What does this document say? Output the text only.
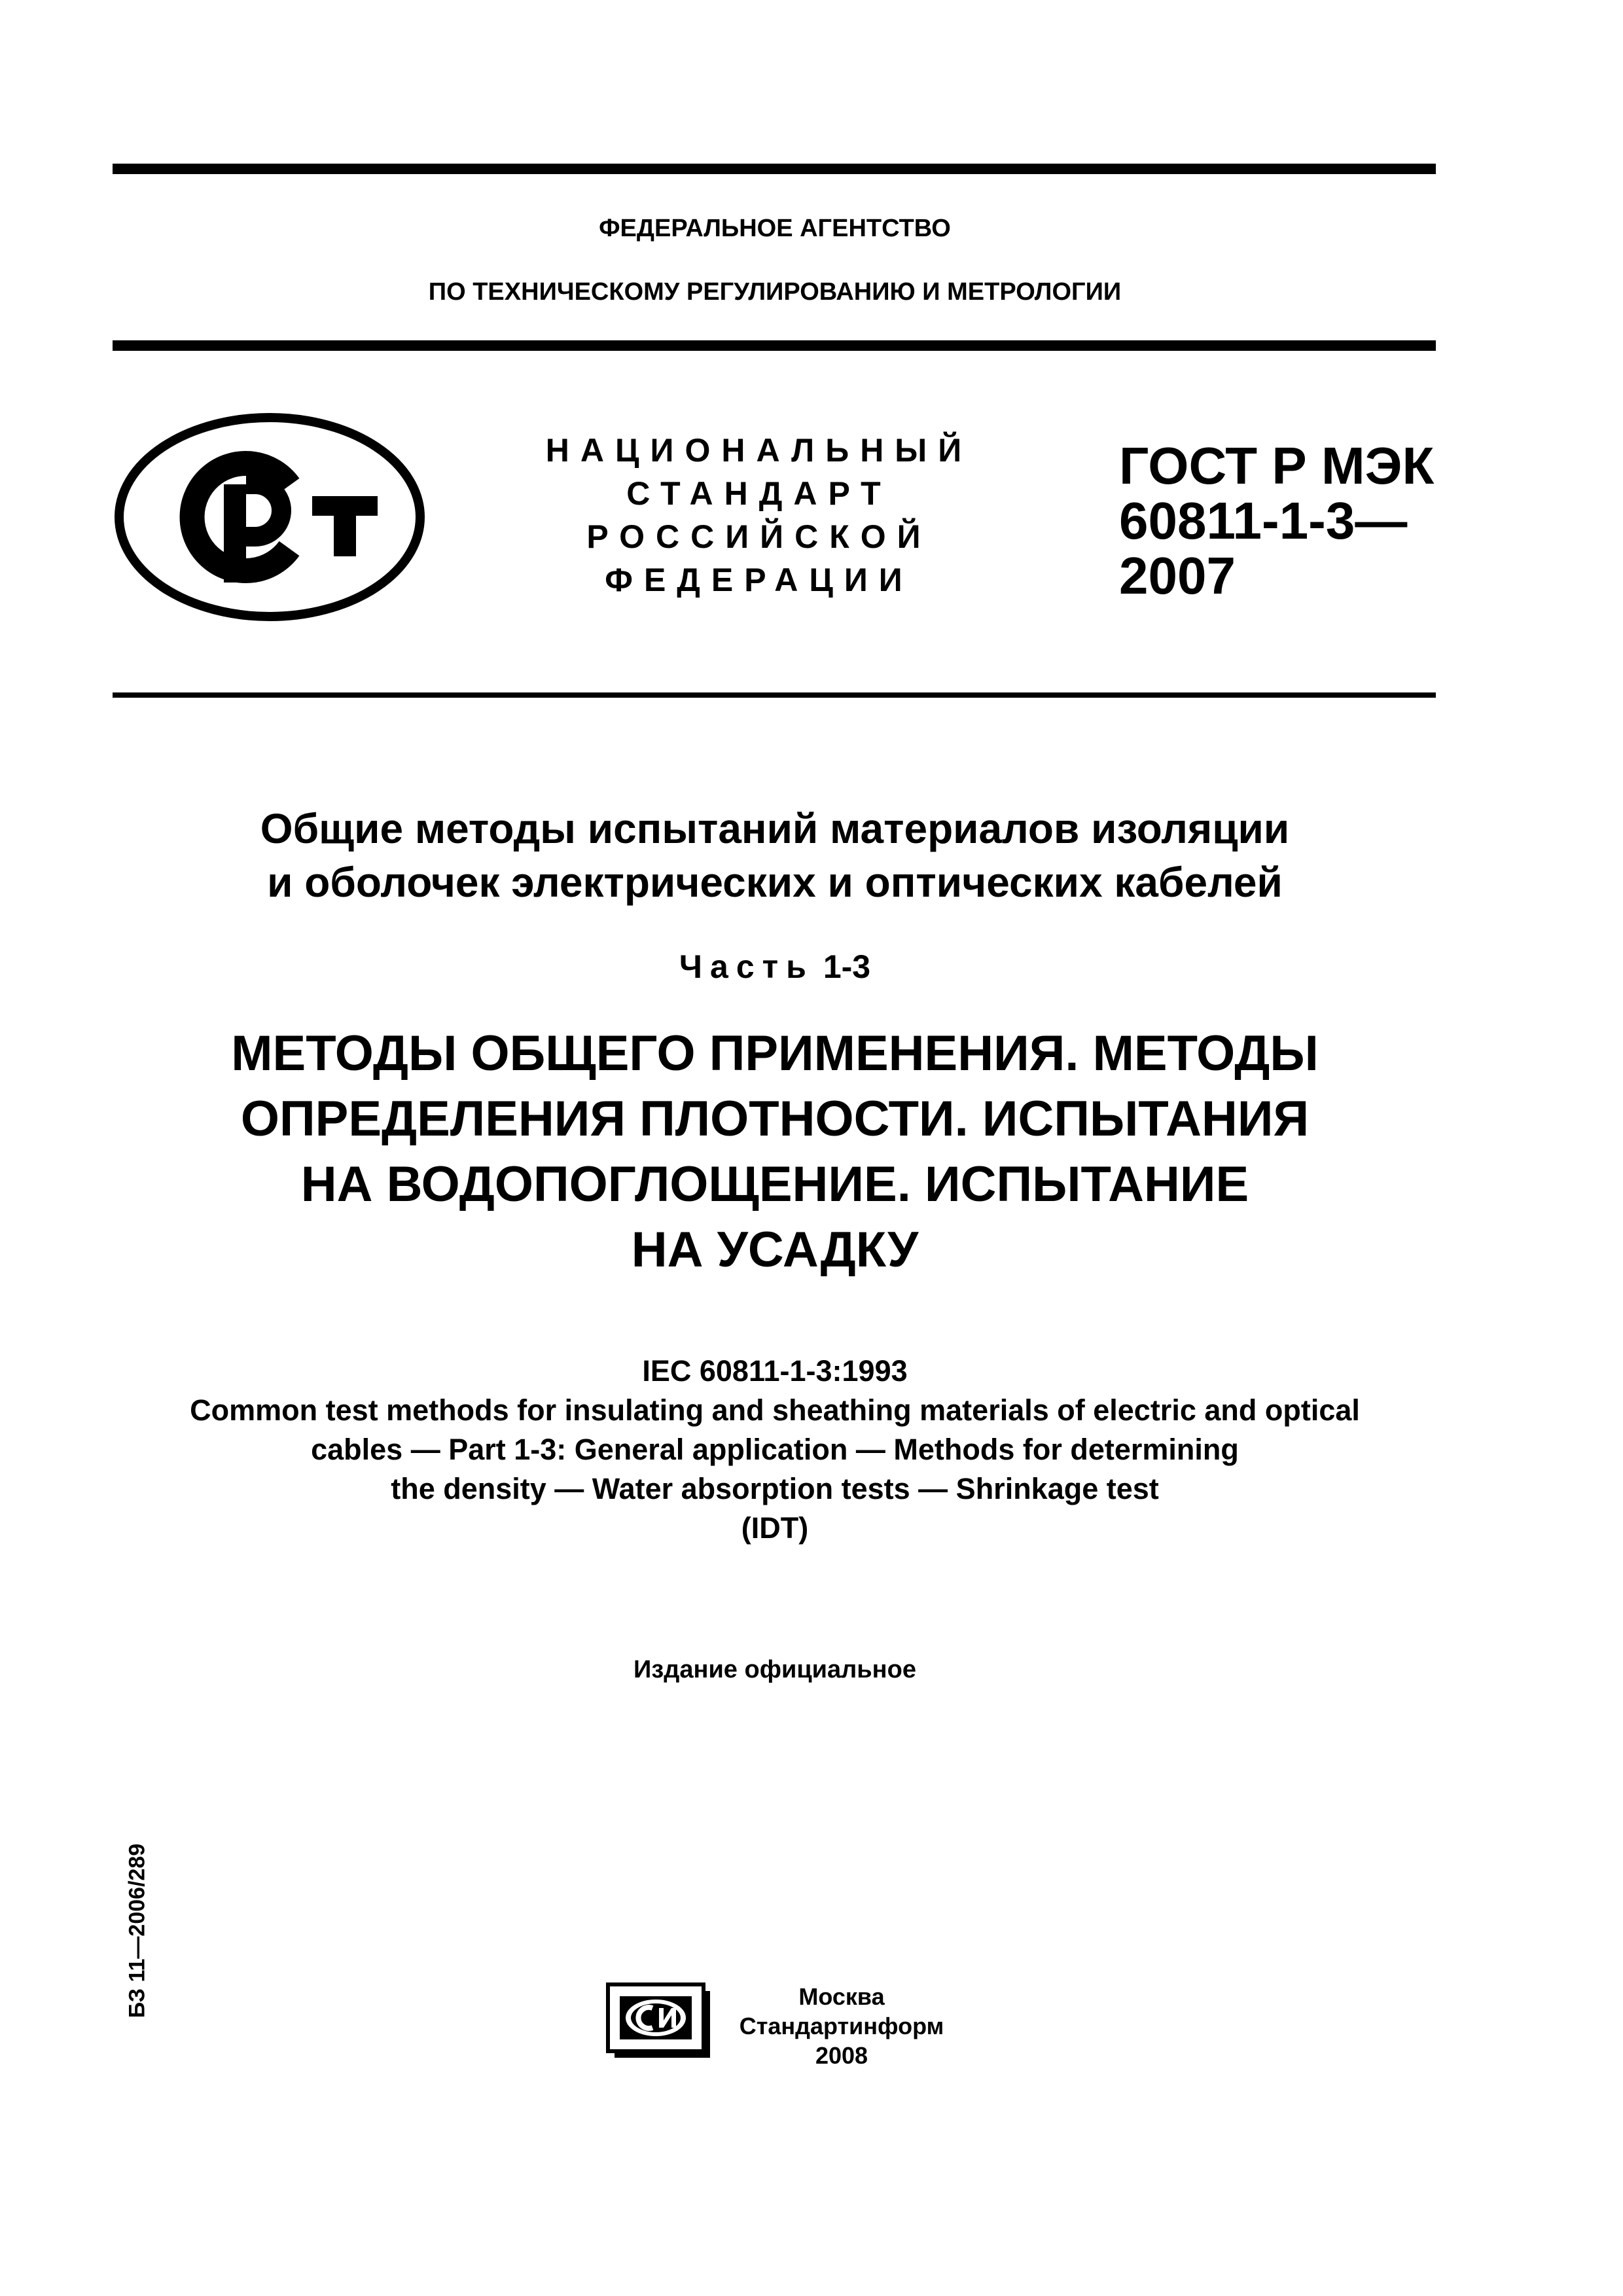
ФЕДЕРАЛЬНОЕ АГЕНТСТВО
ПО ТЕХНИЧЕСКОМУ РЕГУЛИРОВАНИЮ И МЕТРОЛОГИИ
НАЦИОНАЛЬНЫЙ
СТАНДАРТ
РОССИЙСКОЙ
ФЕДЕРАЦИИ
ГОСТ Р МЭК
60811-1-3—
2007
Общие методы испытаний материалов изоляции
и оболочек электрических и оптических кабелей
Часть 1-3
МЕТОДЫ ОБЩЕГО ПРИМЕНЕНИЯ. МЕТОДЫ
ОПРЕДЕЛЕНИЯ ПЛОТНОСТИ. ИСПЫТАНИЯ
НА ВОДОПОГЛОЩЕНИЕ. ИСПЫТАНИЕ
НА УСАДКУ
IEC 60811-1-3:1993
Common test methods for insulating and sheathing materials of electric and optical
cables — Part 1-3: General application — Methods for determining
the density — Water absorption tests — Shrinkage test
(IDT)
Издание официальное
БЗ 11—2006/289	Москва
Стандартинформ
2008
